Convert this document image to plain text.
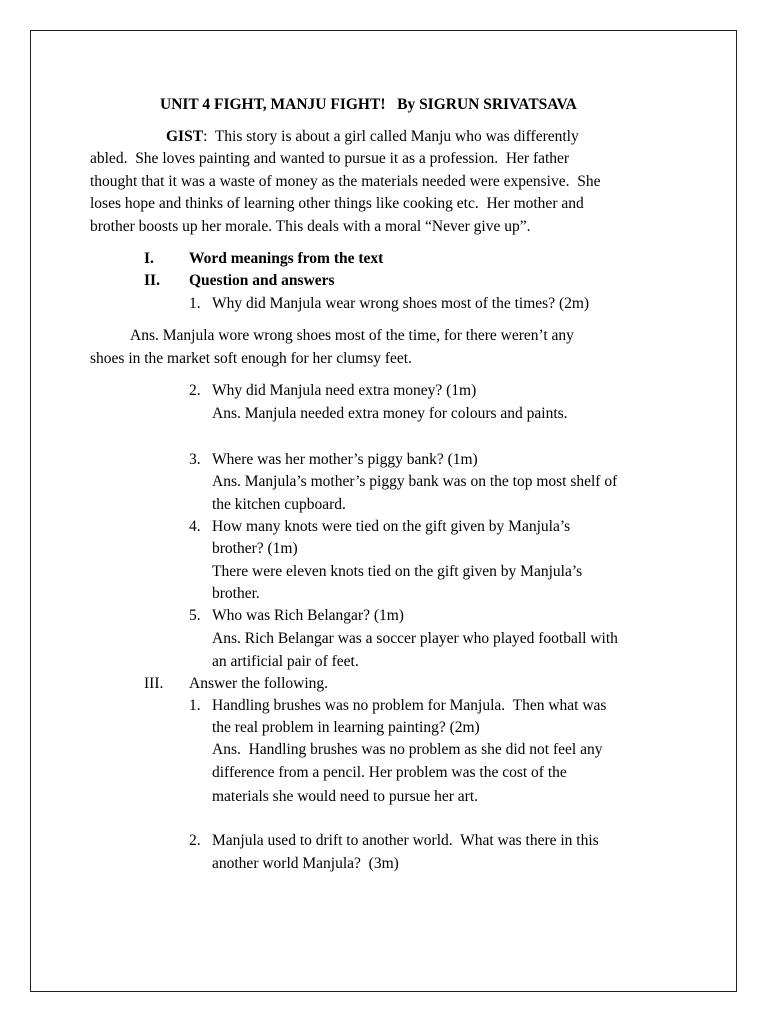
UNIT 4 FIGHT, MANJU FIGHT!   By SIGRUN SRIVATSAVA
GIST:  This story is about a girl called Manju who was differently
abled.  She loves painting and wanted to pursue it as a profession.  Her father
thought that it was a waste of money as the materials needed were expensive.  She
loses hope and thinks of learning other things like cooking etc.  Her mother and
brother boosts up her morale. This deals with a moral “Never give up”.
I. Word meanings from the text
II. Question and answers
1. Why did Manjula wear wrong shoes most of the times? (2m)
Ans. Manjula wore wrong shoes most of the time, for there weren’t any
shoes in the market soft enough for her clumsy feet.
2. Why did Manjula need extra money? (1m)
Ans. Manjula needed extra money for colours and paints.
3. Where was her mother’s piggy bank? (1m)
Ans. Manjula’s mother’s piggy bank was on the top most shelf of
the kitchen cupboard.
4. How many knots were tied on the gift given by Manjula’s
brother? (1m)
There were eleven knots tied on the gift given by Manjula’s
brother.
5. Who was Rich Belangar? (1m)
Ans. Rich Belangar was a soccer player who played football with
an artificial pair of feet.
III. Answer the following.
1. Handling brushes was no problem for Manjula.  Then what was
the real problem in learning painting? (2m)
Ans.  Handling brushes was no problem as she did not feel any
difference from a pencil. Her problem was the cost of the
materials she would need to pursue her art.
2. Manjula used to drift to another world.  What was there in this
another world Manjula?  (3m)
